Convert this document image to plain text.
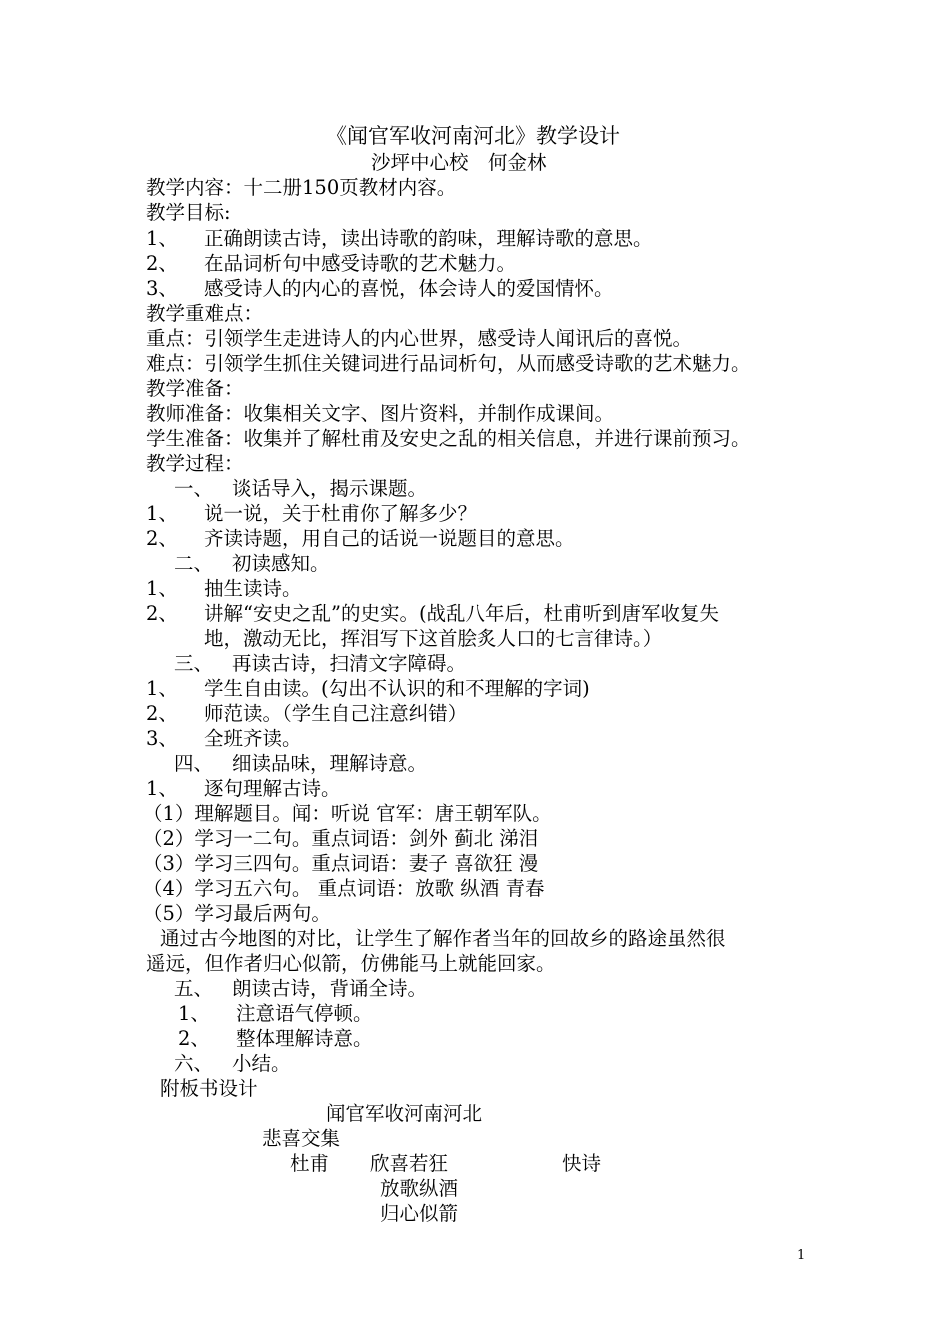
《闻官军收河南河北》教学设计
沙坪中心校　何金林
教学内容：十二册150页教材内容。
教学目标:
1、 正确朗读古诗，读出诗歌的韵味，理解诗歌的意思。
2、 在品词析句中感受诗歌的艺术魅力。
3、 感受诗人的内心的喜悦，体会诗人的爱国情怀。
教学重难点：
重点：引领学生走进诗人的内心世界，感受诗人闻讯后的喜悦。
难点：引领学生抓住关键词进行品词析句，从而感受诗歌的艺术魅力。
教学准备：
教师准备：收集相关文字、图片资料，并制作成课间。
学生准备：收集并了解杜甫及安史之乱的相关信息，并进行课前预习。
教学过程：
一、 谈话导入，揭示课题。
1、 说一说，关于杜甫你了解多少？
2、 齐读诗题，用自己的话说一说题目的意思。
二、 初读感知。
1、 抽生读诗。
2、 讲解“安史之乱”的史实。(战乱八年后，杜甫听到唐军收复失
地，激动无比，挥泪写下这首脍炙人口的七言律诗。）
三、 再读古诗，扫清文字障碍。
1、 学生自由读。(勾出不认识的和不理解的字词)
2、 师范读。（学生自己注意纠错）
3、 全班齐读。
四、 细读品味，理解诗意。
1、 逐句理解古诗。
（1）理解题目。闻：听说 官军：唐王朝军队。
（2）学习一二句。重点词语：剑外 蓟北 涕泪
（3）学习三四句。重点词语：妻子 喜欲狂 漫
（4）学习五六句。 重点词语：放歌 纵酒 青春
（5）学习最后两句。
通过古今地图的对比，让学生了解作者当年的回故乡的路途虽然很
遥远，但作者归心似箭，仿佛能马上就能回家。
五、 朗读古诗，背诵全诗。
1、 注意语气停顿。
2、 整体理解诗意。
六、 小结。
附板书设计
闻官军收河南河北
悲喜交集
杜甫 欣喜若狂	快诗
放歌纵酒
归心似箭
1
